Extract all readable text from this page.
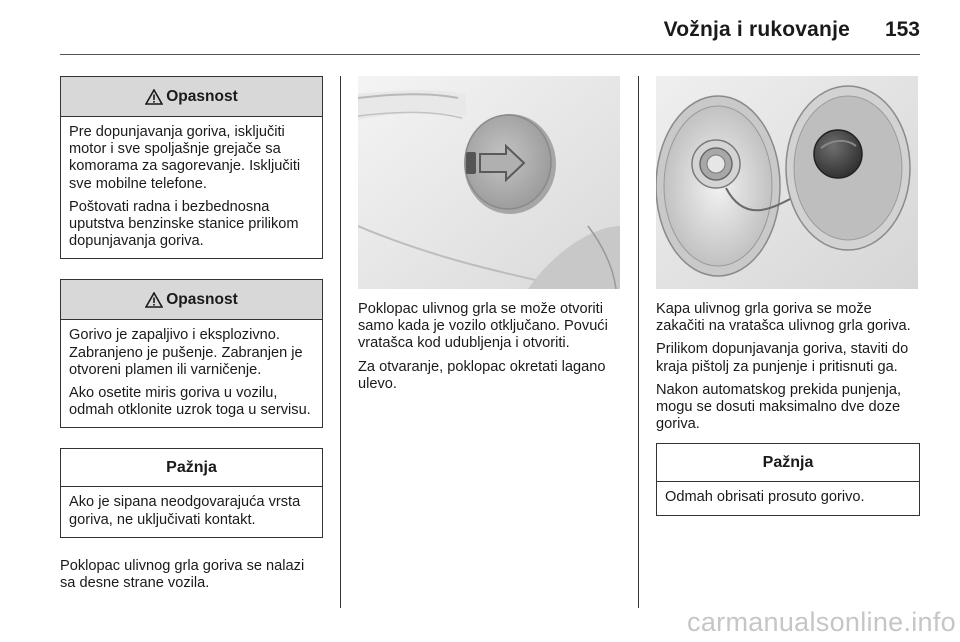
Vožnja i rukovanje 153
Opasnost

Pre dopunjavanja goriva, isključiti motor i sve spoljašnje grejače sa komorama za sagorevanje. Isključiti sve mobilne telefone.

Poštovati radna i bezbednosna uputstva benzinske stanice prilikom dopunjavanja goriva.

Opasnost

Gorivo je zapaljivo i eksplozivno. Zabranjeno je pušenje. Zabranjen je otvoreni plamen ili varničenje.

Ako osetite miris goriva u vozilu, odmah otklonite uzrok toga u servisu.

Pažnja

Ako je sipana neodgovarajuća vrsta goriva, ne uključivati kontakt.

Poklopac ulivnog grla goriva se nalazi sa desne strane vozila.

Poklopac ulivnog grla se može otvoriti samo kada je vozilo otključano. Povući vratašca kod udubljenja i otvoriti.

Za otvaranje, poklopac okretati lagano ulevo.

Kapa ulivnog grla goriva se može zakačiti na vratašca ulivnog grla goriva.

Prilikom dopunjavanja goriva, staviti do kraja pištolj za punjenje i pritisnuti ga.

Nakon automatskog prekida punjenja, mogu se dosuti maksimalno dve doze goriva.

Pažnja

Odmah obrisati prosuto gorivo.

carmanualsonline.info
